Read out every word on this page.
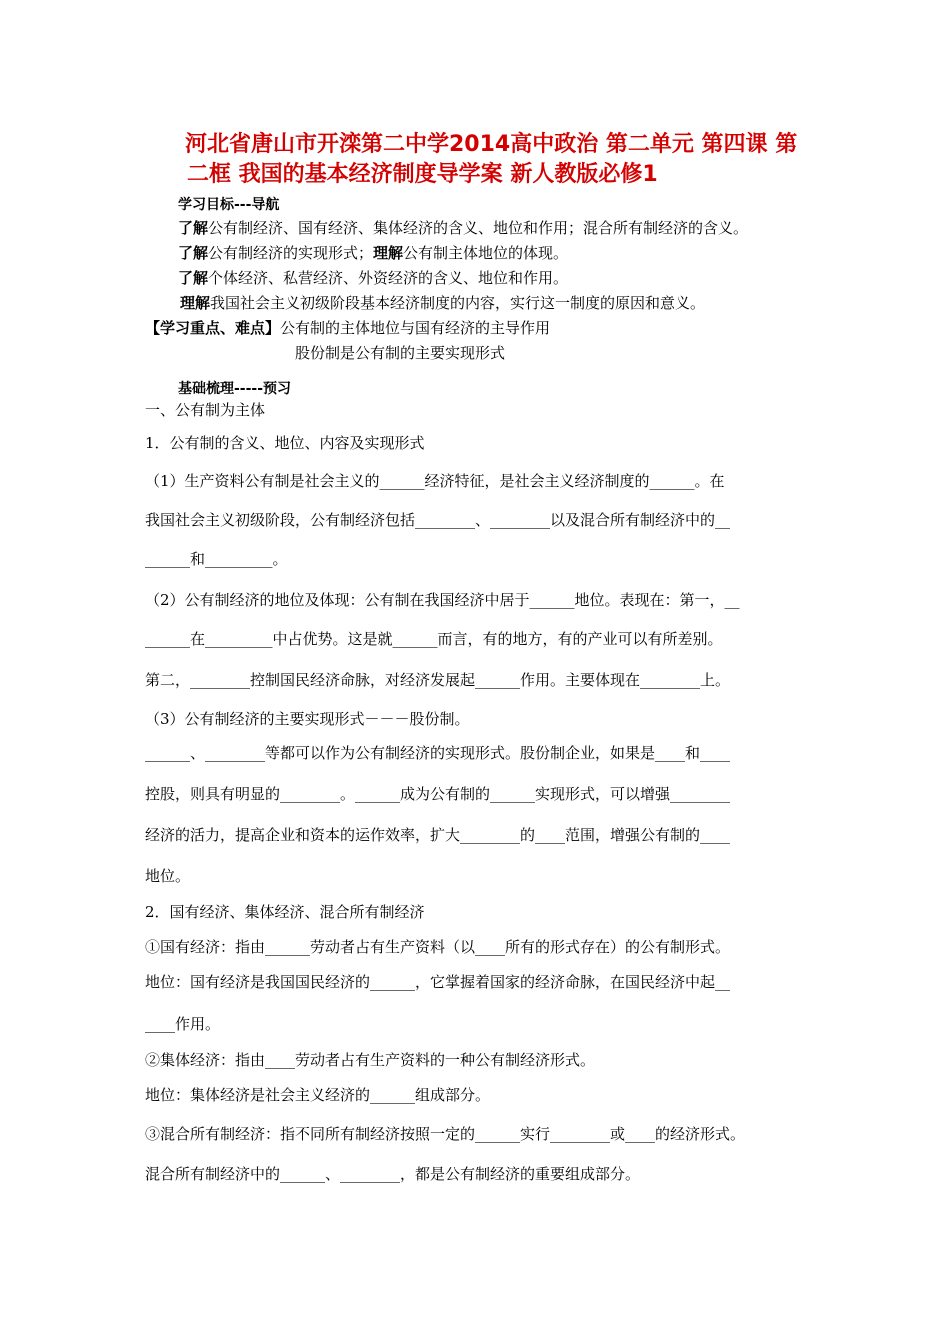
河北省唐山市开滦第二中学2014高中政治 第二单元 第四课 第
二框 我国的基本经济制度导学案 新人教版必修1
学习目标---导航
了解公有制经济、国有经济、集体经济的含义、地位和作用；混合所有制经济的含义。
了解公有制经济的实现形式；理解公有制主体地位的体现。
了解个体经济、私营经济、外资经济的含义、地位和作用。
理解我国社会主义初级阶段基本经济制度的内容，实行这一制度的原因和意义。
【学习重点、难点】公有制的主体地位与国有经济的主导作用
股份制是公有制的主要实现形式
基础梳理-----预习
一、公有制为主体
1．公有制的含义、地位、内容及实现形式
（1）生产资料公有制是社会主义的______经济特征，是社会主义经济制度的______。在
我国社会主义初级阶段，公有制经济包括________、________以及混合所有制经济中的__
______和_________。
（2）公有制经济的地位及体现：公有制在我国经济中居于______地位。表现在：第一，__
______在_________中占优势。这是就______而言，有的地方，有的产业可以有所差别。
第二，________控制国民经济命脉，对经济发展起______作用。主要体现在________上。
（3）公有制经济的主要实现形式－－－股份制。
______、________等都可以作为公有制经济的实现形式。股份制企业，如果是____和____
控股，则具有明显的________。______成为公有制的______实现形式，可以增强________
经济的活力，提高企业和资本的运作效率，扩大________的____范围，增强公有制的____
地位。
2．国有经济、集体经济、混合所有制经济
①国有经济：指由______劳动者占有生产资料（以____所有的形式存在）的公有制形式。
地位：国有经济是我国国民经济的______，它掌握着国家的经济命脉，在国民经济中起__
____作用。
②集体经济：指由____劳动者占有生产资料的一种公有制经济形式。
地位：集体经济是社会主义经济的______组成部分。
③混合所有制经济：指不同所有制经济按照一定的______实行________或____的经济形式。
混合所有制经济中的______、________，都是公有制经济的重要组成部分。
